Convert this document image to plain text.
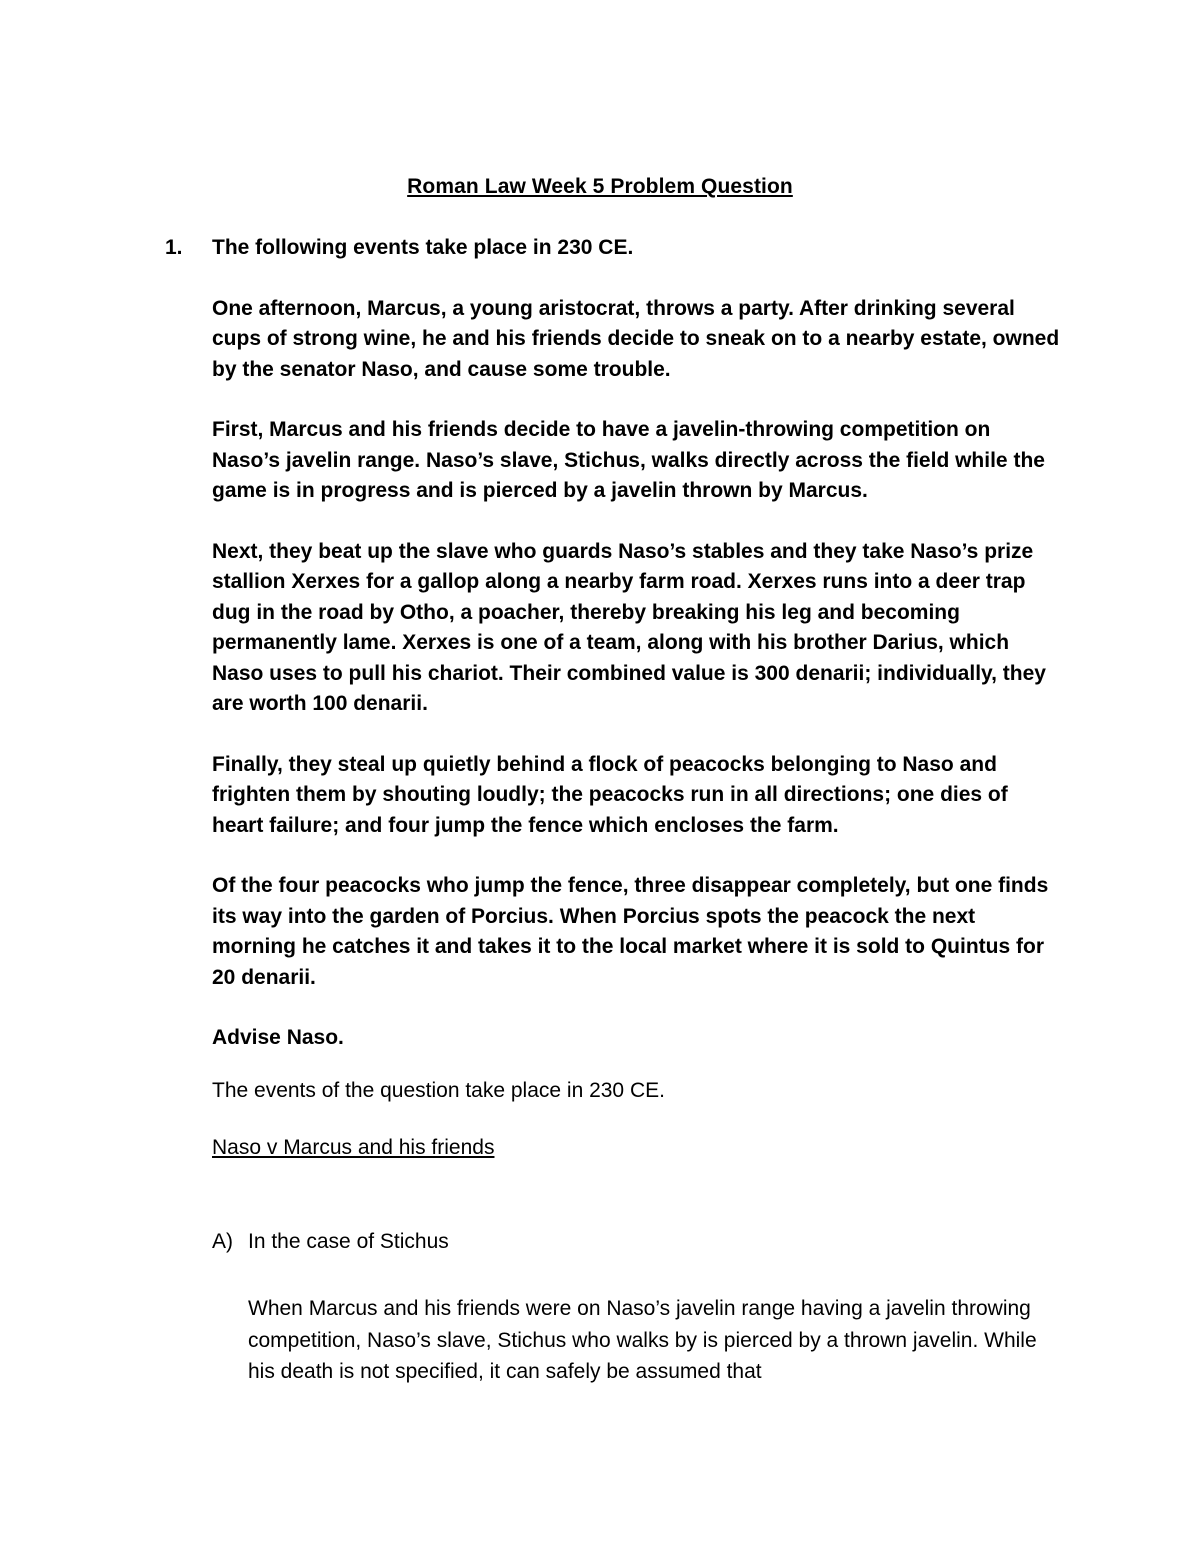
Roman Law Week 5 Problem Question
1. The following events take place in 230 CE.

One afternoon, Marcus, a young aristocrat, throws a party. After drinking several cups of strong wine, he and his friends decide to sneak on to a nearby estate, owned by the senator Naso, and cause some trouble.

First, Marcus and his friends decide to have a javelin-throwing competition on Naso’s javelin range. Naso’s slave, Stichus, walks directly across the field while the game is in progress and is pierced by a javelin thrown by Marcus.

Next, they beat up the slave who guards Naso’s stables and they take Naso’s prize stallion Xerxes for a gallop along a nearby farm road. Xerxes runs into a deer trap dug in the road by Otho, a poacher, thereby breaking his leg and becoming permanently lame. Xerxes is one of a team, along with his brother Darius, which Naso uses to pull his chariot. Their combined value is 300 denarii; individually, they are worth 100 denarii.

Finally, they steal up quietly behind a flock of peacocks belonging to Naso and frighten them by shouting loudly; the peacocks run in all directions; one dies of heart failure; and four jump the fence which encloses the farm.

Of the four peacocks who jump the fence, three disappear completely, but one finds its way into the garden of Porcius. When Porcius spots the peacock the next morning he catches it and takes it to the local market where it is sold to Quintus for 20 denarii.

Advise Naso.

The events of the question take place in 230 CE.
Naso v Marcus and his friends
A) In the case of Stichus

When Marcus and his friends were on Naso’s javelin range having a javelin throwing competition, Naso’s slave, Stichus who walks by is pierced by a thrown javelin. While his death is not specified, it can safely be assumed that
